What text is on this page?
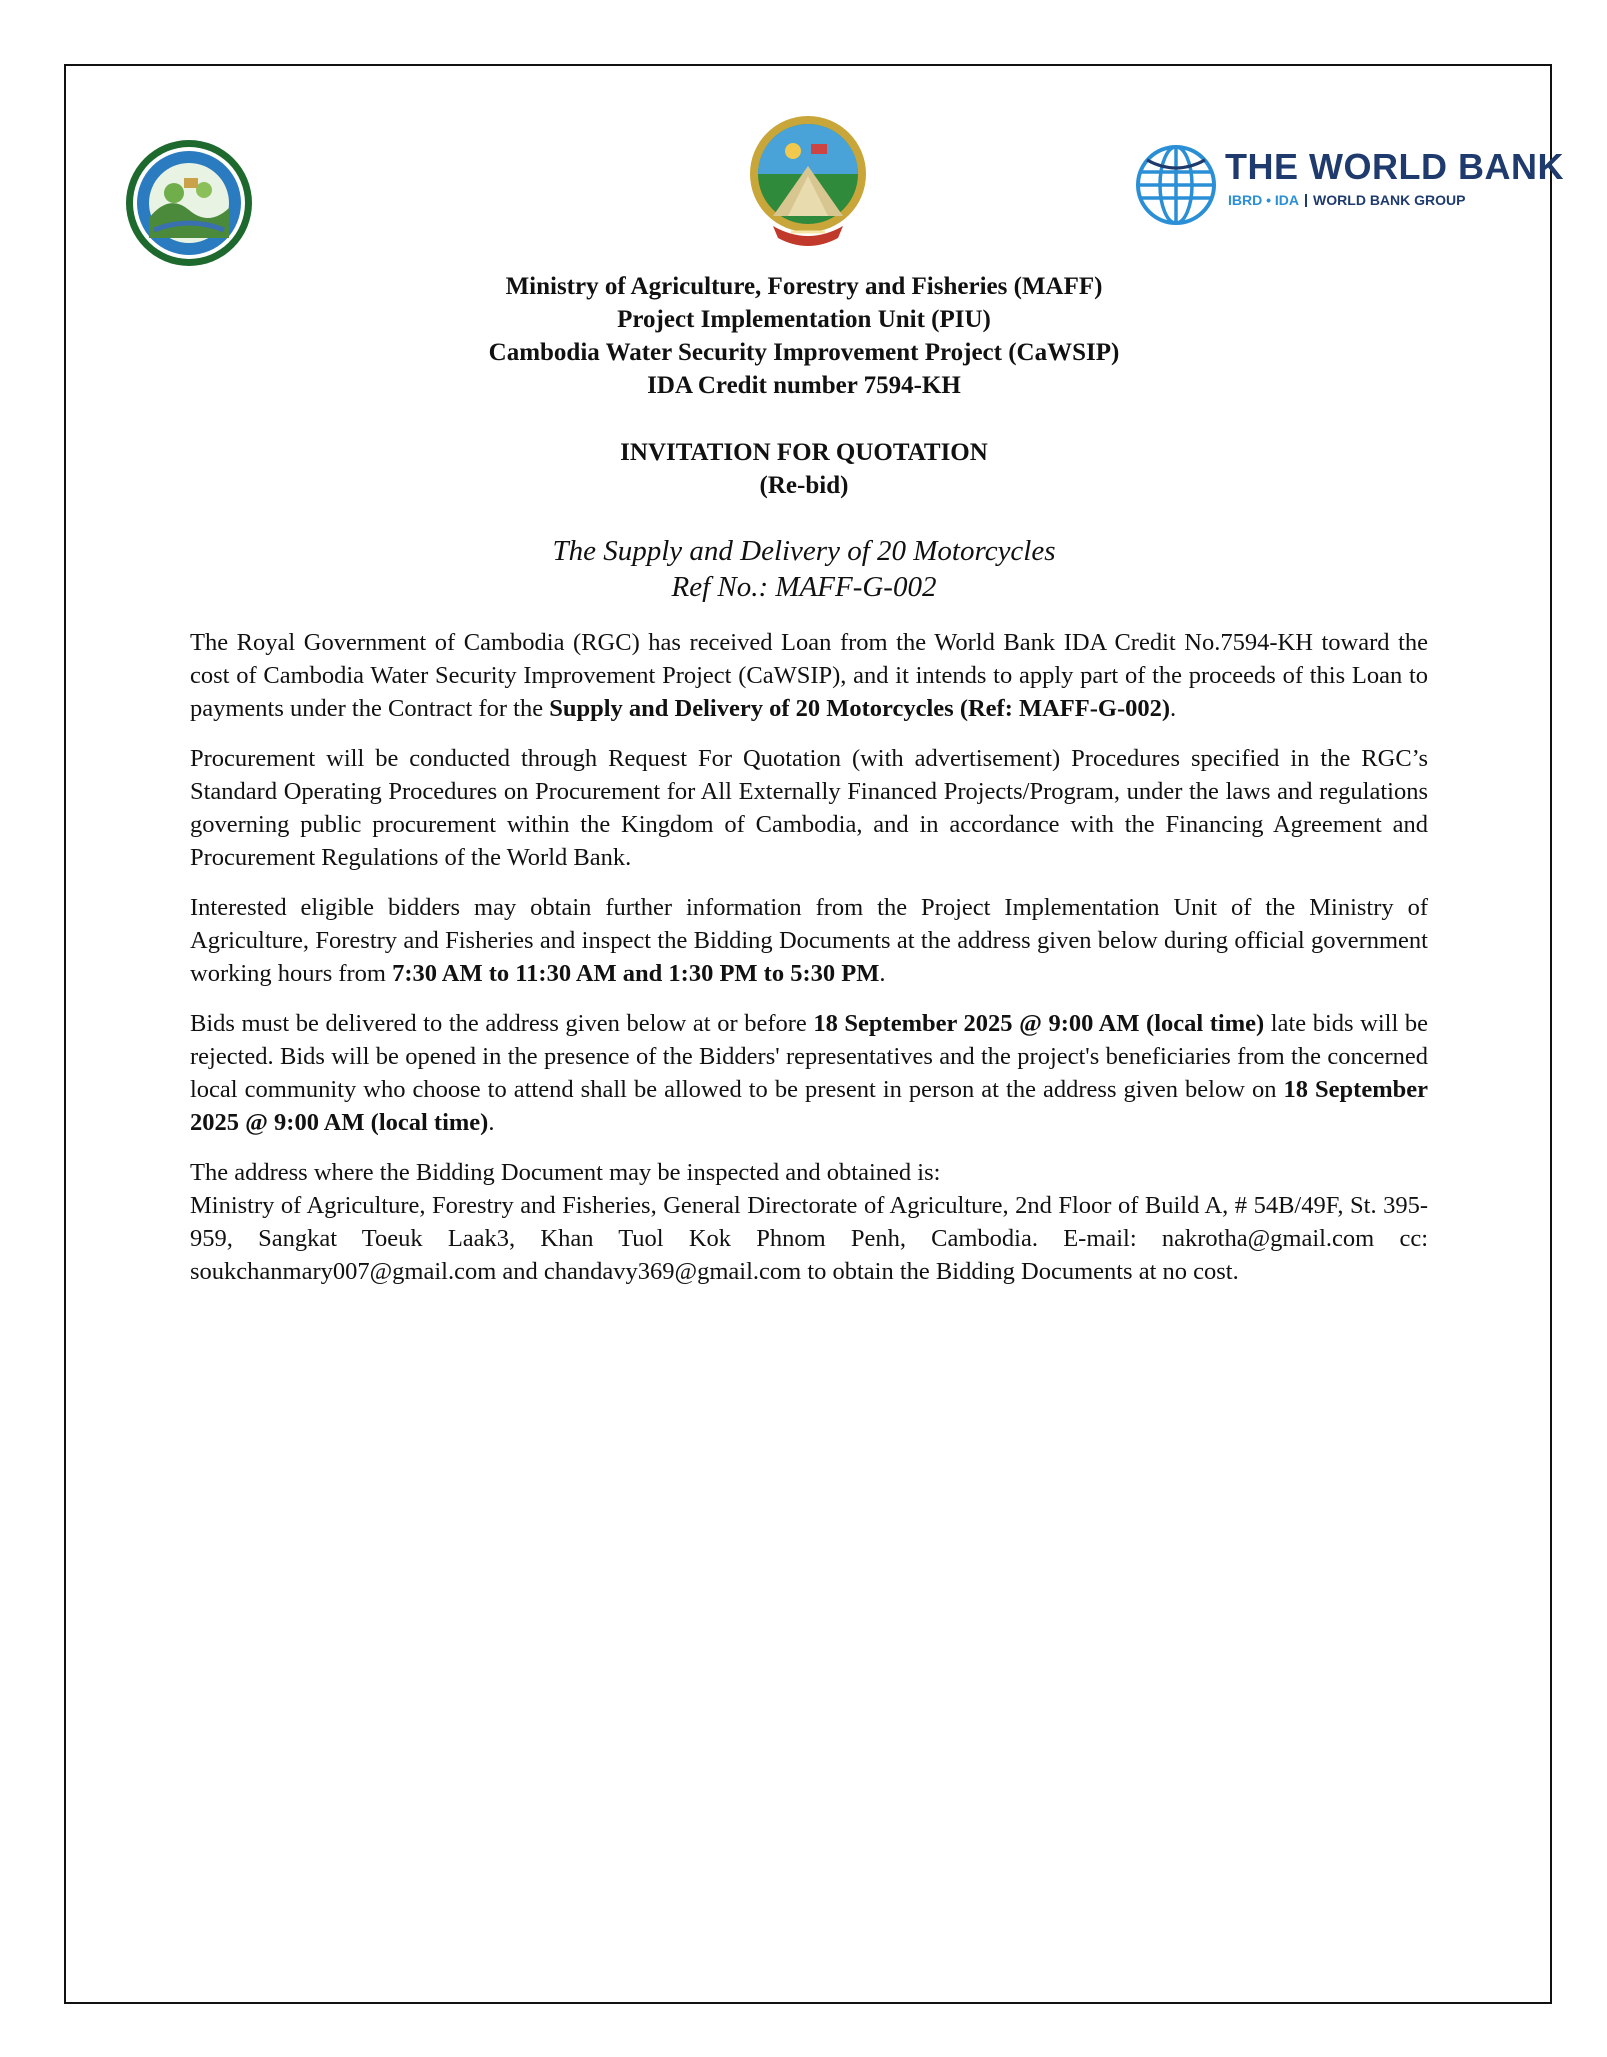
THE WORLD BANK
IBRD • IDA WORLD BANK GROUP
Ministry of Agriculture, Forestry and Fisheries (MAFF)
Project Implementation Unit (PIU)
Cambodia Water Security Improvement Project (CaWSIP)
IDA Credit number 7594-KH
INVITATION FOR QUOTATION
(Re-bid)
The Supply and Delivery of 20 Motorcycles
Ref No.: MAFF-G-002

The Royal Government of Cambodia (RGC) has received Loan from the World Bank IDA Credit No.7594-KH toward the cost of Cambodia Water Security Improvement Project (CaWSIP), and it intends to apply part of the proceeds of this Loan to payments under the Contract for the Supply and Delivery of 20 Motorcycles (Ref: MAFF-G-002).

Procurement will be conducted through Request For Quotation (with advertisement) Procedures specified in the RGC’s Standard Operating Procedures on Procurement for All Externally Financed Projects/Program, under the laws and regulations governing public procurement within the Kingdom of Cambodia, and in accordance with the Financing Agreement and Procurement Regulations of the World Bank.

Interested eligible bidders may obtain further information from the Project Implementation Unit of the Ministry of Agriculture, Forestry and Fisheries and inspect the Bidding Documents at the address given below during official government working hours from 7:30 AM to 11:30 AM and 1:30 PM to 5:30 PM.

Bids must be delivered to the address given below at or before 18 September 2025 @ 9:00 AM (local time) late bids will be rejected. Bids will be opened in the presence of the Bidders' representatives and the project's beneficiaries from the concerned local community who choose to attend shall be allowed to be present in person at the address given below on 18 September 2025 @ 9:00 AM (local time).

The address where the Bidding Document may be inspected and obtained is:
Ministry of Agriculture, Forestry and Fisheries, General Directorate of Agriculture, 2nd Floor of Build A, # 54B/49F, St. 395-959, Sangkat Toeuk Laak3, Khan Tuol Kok Phnom Penh, Cambodia. E-mail: nakrotha@gmail.com cc: soukchanmary007@gmail.com and chandavy369@gmail.com to obtain the Bidding Documents at no cost.
